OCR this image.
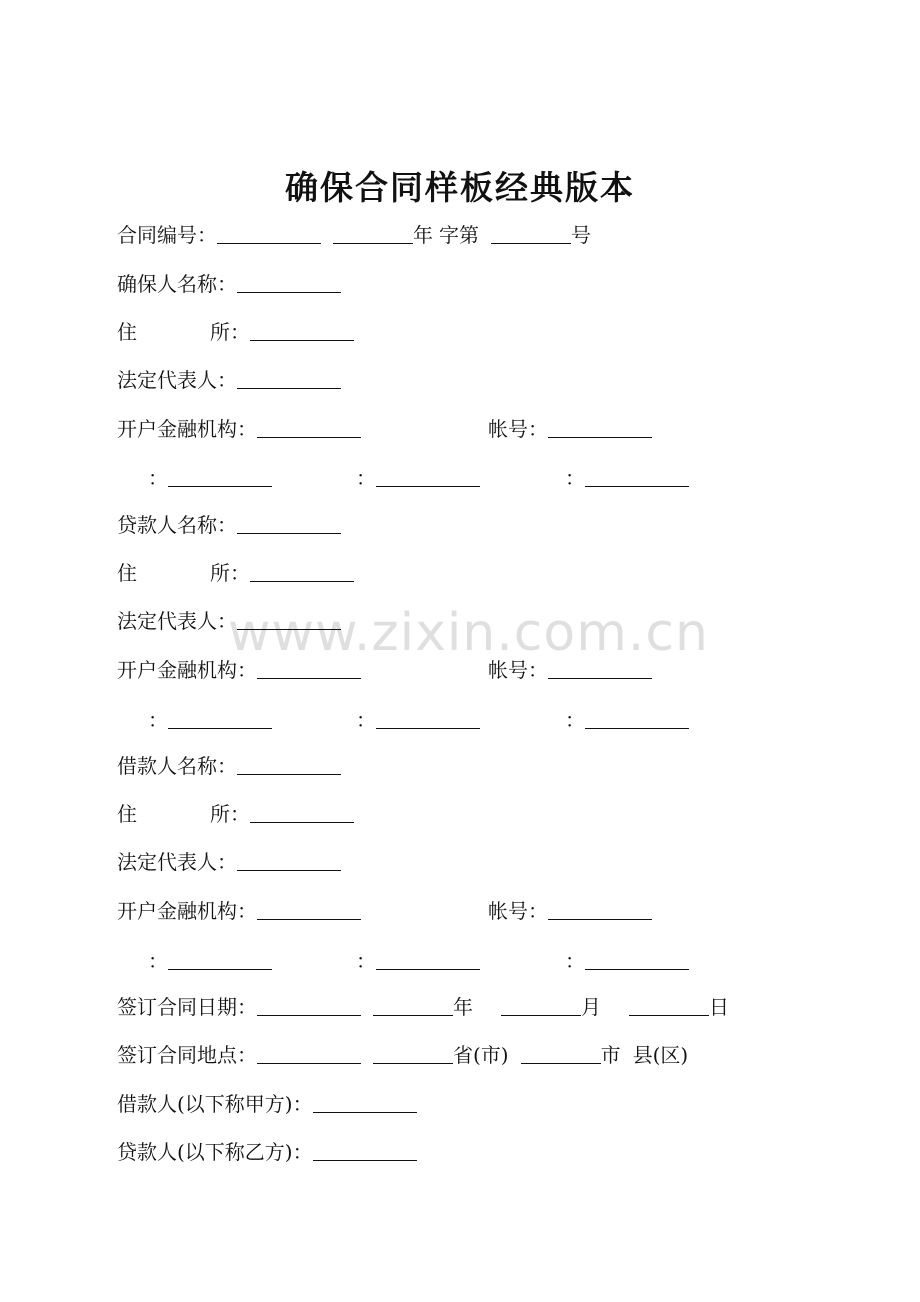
确保合同样板经典版本
www.zixin.com.cn
合同编号：	年 字第	号
确保人名称：
住	所：
法定代表人：
开户金融机构：	帐号：
：	：	：
贷款人名称：
住	所：
法定代表人：
开户金融机构：	帐号：
：	：	：
借款人名称：
住	所：
法定代表人：
开户金融机构：	帐号：
：	：	：
签订合同日期：	年	月	日
签订合同地点：	省(市)	市 县(区)
借款人(以下称甲方)：
贷款人(以下称乙方)：
